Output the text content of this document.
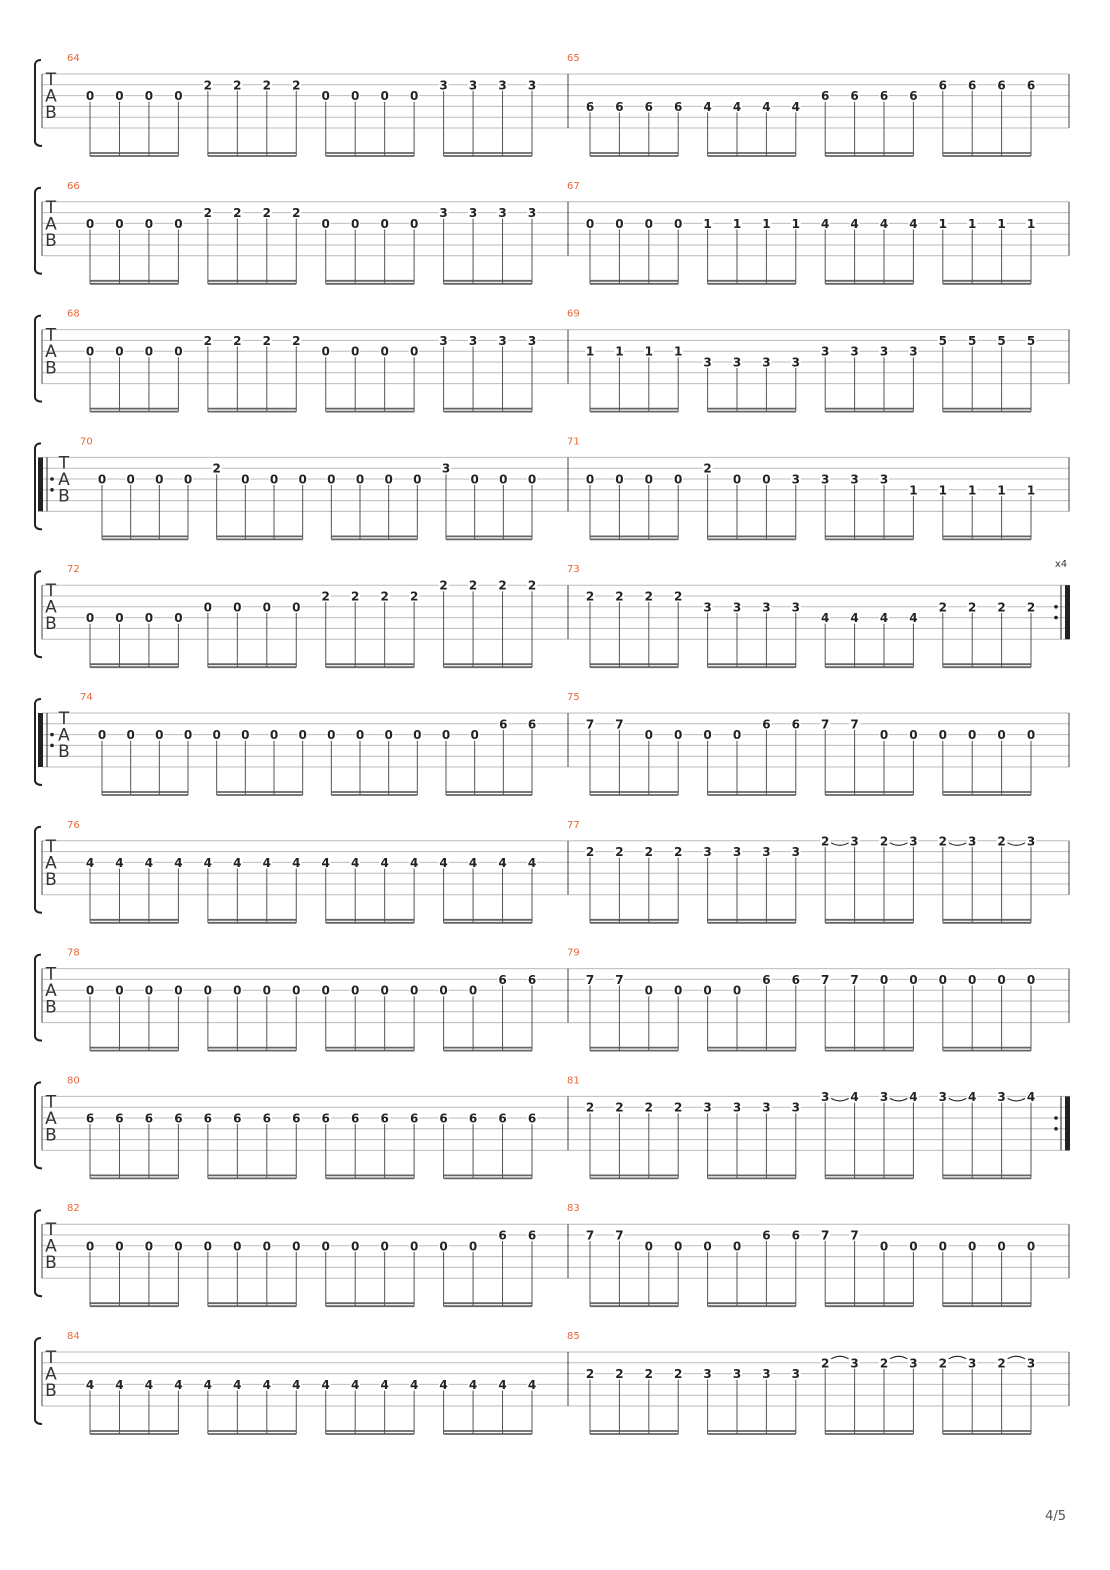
T
A
B
64
0 0 0 0
2 2 2 2
0 0 0 0
3 3 3 3
65
6 6 6 6 4 4 4 4
6 6 6 6
6 6 6 6
T
A
B
66
0 0 0 0
2 2 2 2
0 0 0 0
3 3 3 3
67
0 0 0 0 1 1 1 1 4 4 4 4 1 1 1 1
T
A
B
68
0 0 0 0
2 2 2 2
0 0 0 0
3 3 3 3
69
1 1 1 1
3 3 3 3
3 3 3 3
5 5 5 5
T
A
B
70
0 0 0 0
2
0 0 0 0 0 0 0
3
0 0 0
71
0 0 0 0
2
0 0 3 3 3 3
1 1 1 1 1
T
A
B
x4
72
0 0 0 0
0 0 0 0
2 2 2 2
2 2 2 2
73
2 2 2 2
3 3 3 3
4 4 4 4
2 2 2 2
T
A
B
74
0 0 0 0 0 0 0 0 0 0 0 0 0 0
6 6
75
7 7
0 0 0 0
6 6 7 7
0 0 0 0 0 0
T
A
B
76
4 4 4 4 4 4 4 4 4 4 4 4 4 4 4 4
77
2 2 2 2 3 3 3 3
2 3 2 3 2 3 2 3
T
A
B
78
0 0 0 0 0 0 0 0 0 0 0 0 0 0
6 6
79
7 7
0 0 0 0
6 6 7 7 0 0 0 0 0 0
T
A
B
80
6 6 6 6 6 6 6 6 6 6 6 6 6 6 6 6
81
2 2 2 2 3 3 3 3
3 4 3 4 3 4 3 4
T
A
B
82
0 0 0 0 0 0 0 0 0 0 0 0 0 0
6 6
83
7 7
0 0 0 0
6 6 7 7
0 0 0 0 0 0
T
A
B
84
4 4 4 4 4 4 4 4 4 4 4 4 4 4 4 4
85
2 2 2 2 3 3 3 3
2 3 2 3 2 3 2 3
4/5
